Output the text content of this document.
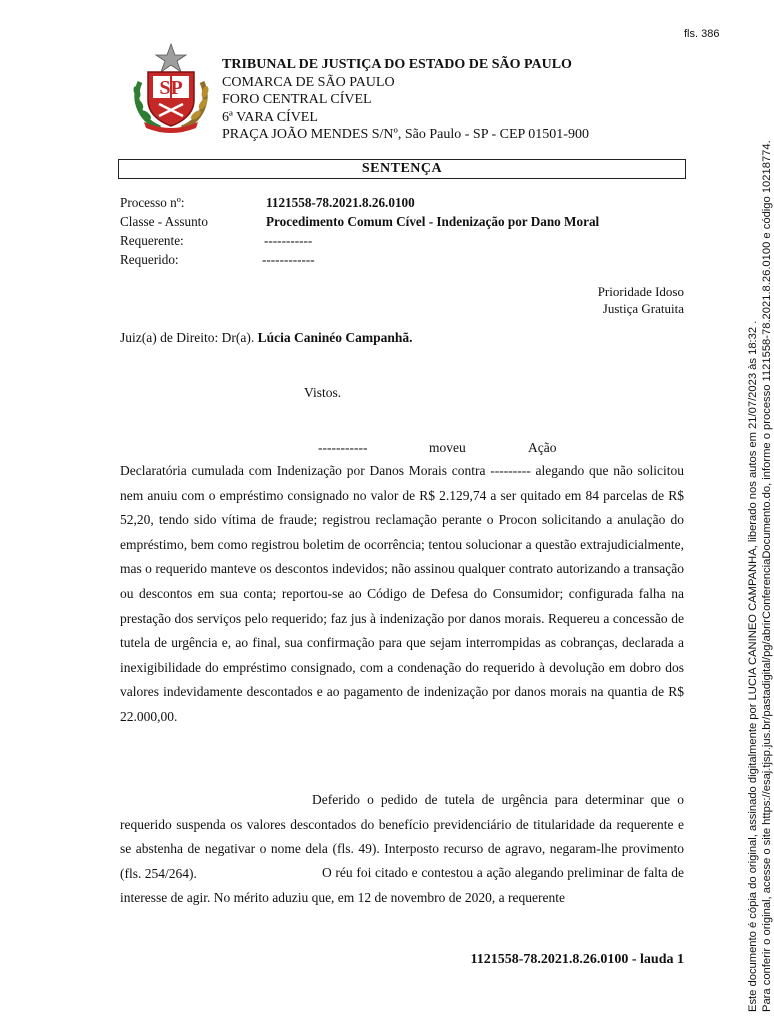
fls. 386
SP
TRIBUNAL DE JUSTIÇA DO ESTADO DE SÃO PAULO
COMARCA DE SÃO PAULO
FORO CENTRAL CÍVEL
6ª VARA CÍVEL
PRAÇA JOÃO MENDES S/Nº, São Paulo - SP - CEP 01501-900
SENTENÇA
Processo nº:	1121558-78.2021.8.26.0100
Classe - Assunto	Procedimento Comum Cível - Indenização por Dano Moral
Requerente:	-----------
Requerido:	------------
Prioridade Idoso
Justiça Gratuita
Juiz(a) de Direito: Dr(a). Lúcia Caninéo Campanhã.
Vistos.
-----------	moveu	Ação
Declaratória cumulada com Indenização por Danos Morais contra --------- alegando que não solicitou nem anuiu com o empréstimo consignado no valor de R$ 2.129,74 a ser quitado em 84 parcelas de R$ 52,20, tendo sido vítima de fraude; registrou reclamação perante o Procon solicitando a anulação do empréstimo, bem como registrou boletim de ocorrência; tentou solucionar a questão extrajudicialmente, mas o requerido manteve os descontos indevidos; não assinou qualquer contrato autorizando a transação ou descontos em sua conta; reportou-se ao Código de Defesa do Consumidor; configurada falha na prestação dos serviços pelo requerido; faz jus à indenização por danos morais. Requereu a concessão de tutela de urgência e, ao final, sua confirmação para que sejam interrompidas as cobranças, declarada a inexigibilidade do empréstimo consignado, com a condenação do requerido à devolução em dobro dos valores indevidamente descontados e ao pagamento de indenização por danos morais na quantia de R$ 22.000,00.
Deferido o pedido de tutela de urgência para determinar que o requerido suspenda os valores descontados do benefício previdenciário de titularidade da requerente e se abstenha de negativar o nome dela (fls. 49). Interposto recurso de agravo, negaram-lhe provimento (fls. 254/264).	O réu foi citado e contestou a ação alegando preliminar de falta de interesse de agir. No mérito aduziu que, em 12 de novembro de 2020, a requerente
1121558-78.2021.8.26.0100 - lauda 1	Este documento é cópia do original, assinado digitalmente por LUCIA CANINEO CAMPANHA, liberado nos autos em 21/07/2023 às 18:32 . Para conferir o original, acesse o site https://esaj.tjsp.jus.br/pastadigital/pg/abrirConferenciaDocumento.do, informe o processo 1121558-78.2021.8.26.0100 e código 10218774.
